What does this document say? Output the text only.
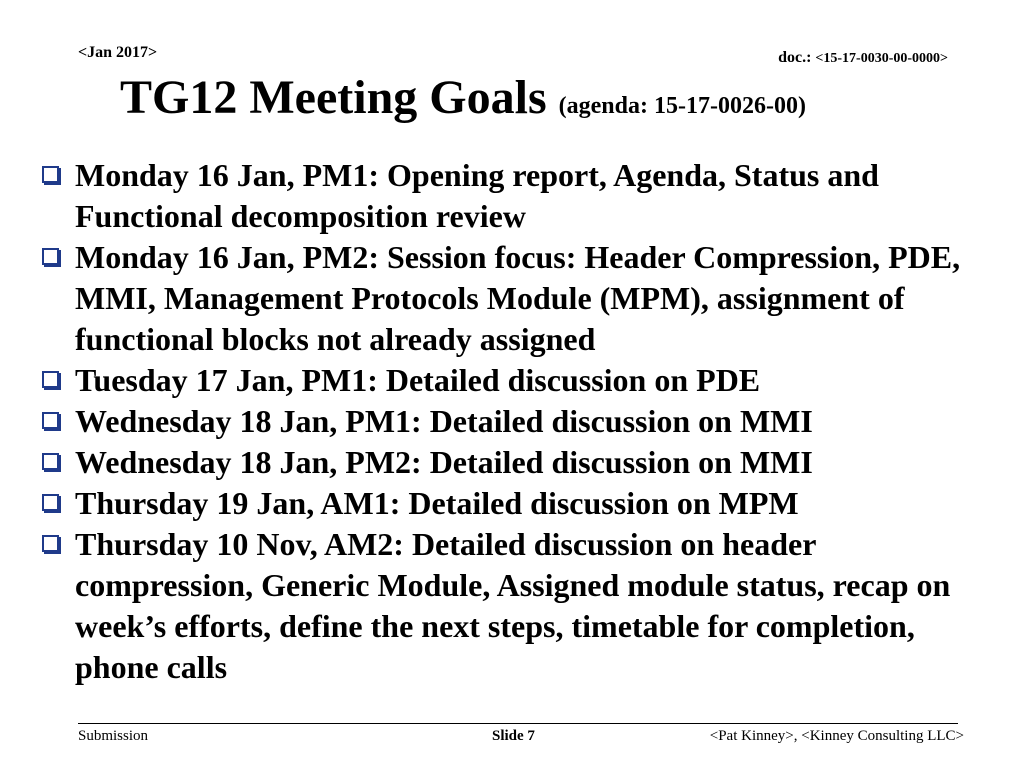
<Jan 2017>	doc.: <15-17-0030-00-0000>
TG12 Meeting Goals (agenda: 15-17-0026-00)
Monday 16 Jan, PM1: Opening report, Agenda, Status and Functional decomposition review
Monday 16 Jan, PM2: Session focus: Header Compression, PDE, MMI, Management Protocols Module (MPM), assignment of functional blocks not already assigned
Tuesday 17 Jan, PM1: Detailed discussion on PDE
Wednesday 18 Jan, PM1: Detailed discussion on MMI
Wednesday 18 Jan, PM2: Detailed discussion on MMI
Thursday 19 Jan, AM1: Detailed discussion on MPM
Thursday 10 Nov, AM2: Detailed discussion on header compression, Generic Module, Assigned module status, recap on week’s efforts, define the next steps, timetable for completion, phone calls
Submission	Slide 7	<Pat Kinney>, <Kinney Consulting LLC>
